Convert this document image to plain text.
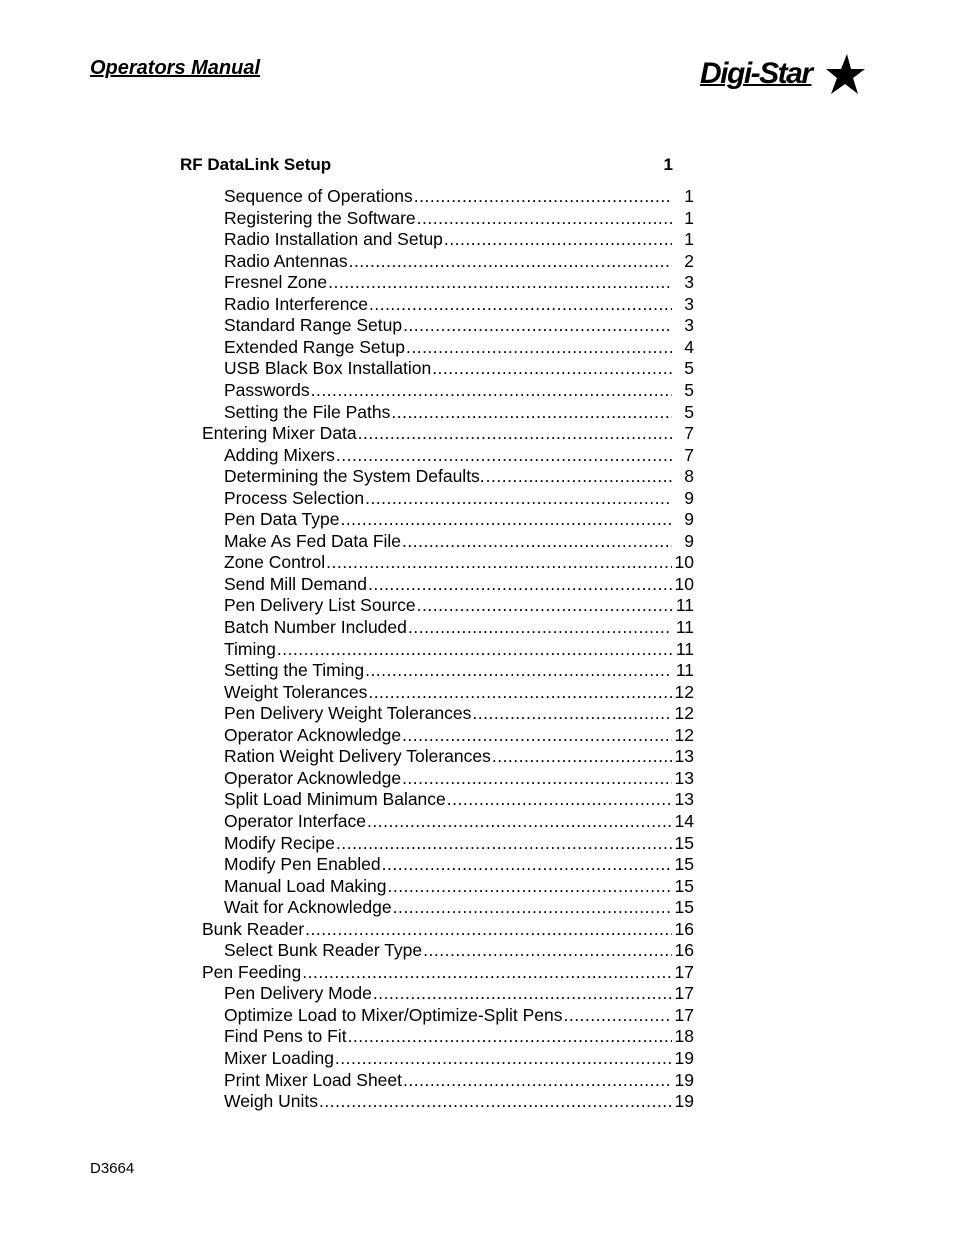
Operators Manual	Digi-Star
RF DataLink Setup	1
Sequence of Operations .....	1
Registering the Software .....	1
Radio Installation and Setup .....	1
Radio Antennas .....	2
Fresnel Zone .....	3
Radio Interference .....	3
Standard Range Setup .....	3
Extended Range Setup .....	4
USB Black Box Installation .....	5
Passwords .....	5
Setting the File Paths .....	5
Entering Mixer Data .....	7
Adding Mixers .....	7
Determining the System Defaults. .....	8
Process Selection .....	9
Pen Data Type .....	9
Make As Fed Data File .....	9
Zone Control .....	10
Send Mill Demand .....	10
Pen Delivery List Source .....	11
Batch Number Included .....	11
Timing .....	11
Setting the Timing .....	11
Weight Tolerances .....	12
Pen Delivery Weight Tolerances .....	12
Operator Acknowledge .....	12
Ration Weight Delivery Tolerances .....	13
Operator Acknowledge .....	13
Split Load Minimum Balance .....	13
Operator Interface .....	14
Modify Recipe .....	15
Modify Pen Enabled .....	15
Manual Load Making .....	15
Wait for Acknowledge .....	15
Bunk Reader .....	16
Select Bunk Reader Type .....	16
Pen Feeding .....	17
Pen Delivery Mode .....	17
Optimize Load to Mixer/Optimize-Split Pens .....	17
Find Pens to Fit .....	18
Mixer Loading .....	19
Print Mixer Load Sheet .....	19
Weigh Units .....	19
D3664
